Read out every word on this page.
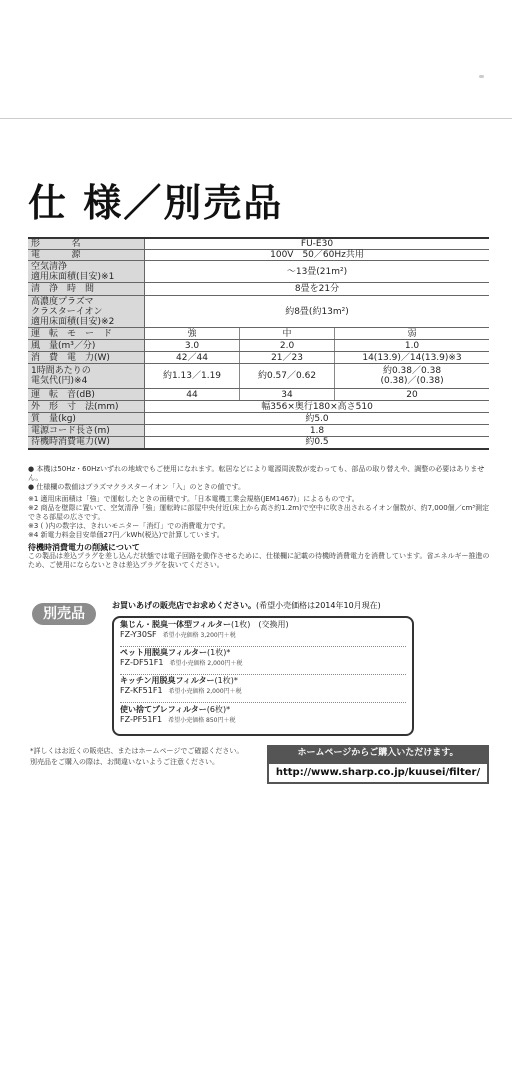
仕 様／別売品
形　　名	FU-E30		
電　　源	100V　50／60Hz共用		
空気清浄
適用床面積(目安)※1	～13畳(21m²)		
清　浄　時　間	8畳を21分		
高濃度プラズマ
クラスターイオン
適用床面積(目安)※2	約8畳(約13m²)		
運　転　モ　ー　ド	強	中	弱
風　量(m³／分)	3.0	2.0	1.0
消　費　電　力(W)	42／44	21／23	14(13.9)／14(13.9)※3
1時間あたりの
電気代(円)※4	約1.13／1.19	約0.57／0.62	約0.38／0.38
(0.38)／(0.38)
運　転　音(dB)	44	34	20
外　形　寸　法(mm)	幅356×奥行180×高さ510		
質　量(kg)	約5.0		
電源コード長さ(m)	1.8		
待機時消費電力(W)	約0.5		

● 本機は50Hz・60Hzいずれの地域でもご使用になれます。転居などにより電源周波数が変わっても、部品の取り替えや、調整の必要はありません。

● 仕様欄の数値はプラズマクラスターイオン「入」のときの値です。

※1 適用床面積は「強」で運転したときの面積です。「日本電機工業会規格(JEM1467)」によるものです。

※2 商品を壁際に置いて、空気清浄「強」運転時に部屋中央付近(床上から高さ約1.2m)で空中に吹き出されるイオン個数が、約7,000個／cm³測定できる部屋の広さです。

※3 ( )内の数字は、きれいモニター「消灯」での消費電力です。

※4 新電力料金目安単価27円／kWh(税込)で計算しています。

待機時消費電力の削減について

この製品は差込プラグを差し込んだ状態では電子回路を動作させるために、仕様欄に記載の待機時消費電力を消費しています。省エネルギー推進のため、ご使用にならないときは差込プラグを抜いてください。

別売品
お買いあげの販売店でお求めください。(希望小売価格は2014年10月現在)
集じん・脱臭一体型フィルター(1枚)　(交換用)
FZ-Y30SF 希望小売価格 3,200円＋税
ペット用脱臭フィルター(1枚)*
FZ-DF51F1 希望小売価格 2,000円＋税
キッチン用脱臭フィルター(1枚)*
FZ-KF51F1 希望小売価格 2,000円＋税
使い捨てプレフィルター(6枚)*
FZ-PF51F1 希望小売価格 850円＋税

*詳しくはお近くの販売店、またはホームページでご確認ください。

別売品をご購入の際は、お間違いないようご注意ください。

ホームページからご購入いただけます。
http://www.sharp.co.jp/kuusei/filter/
